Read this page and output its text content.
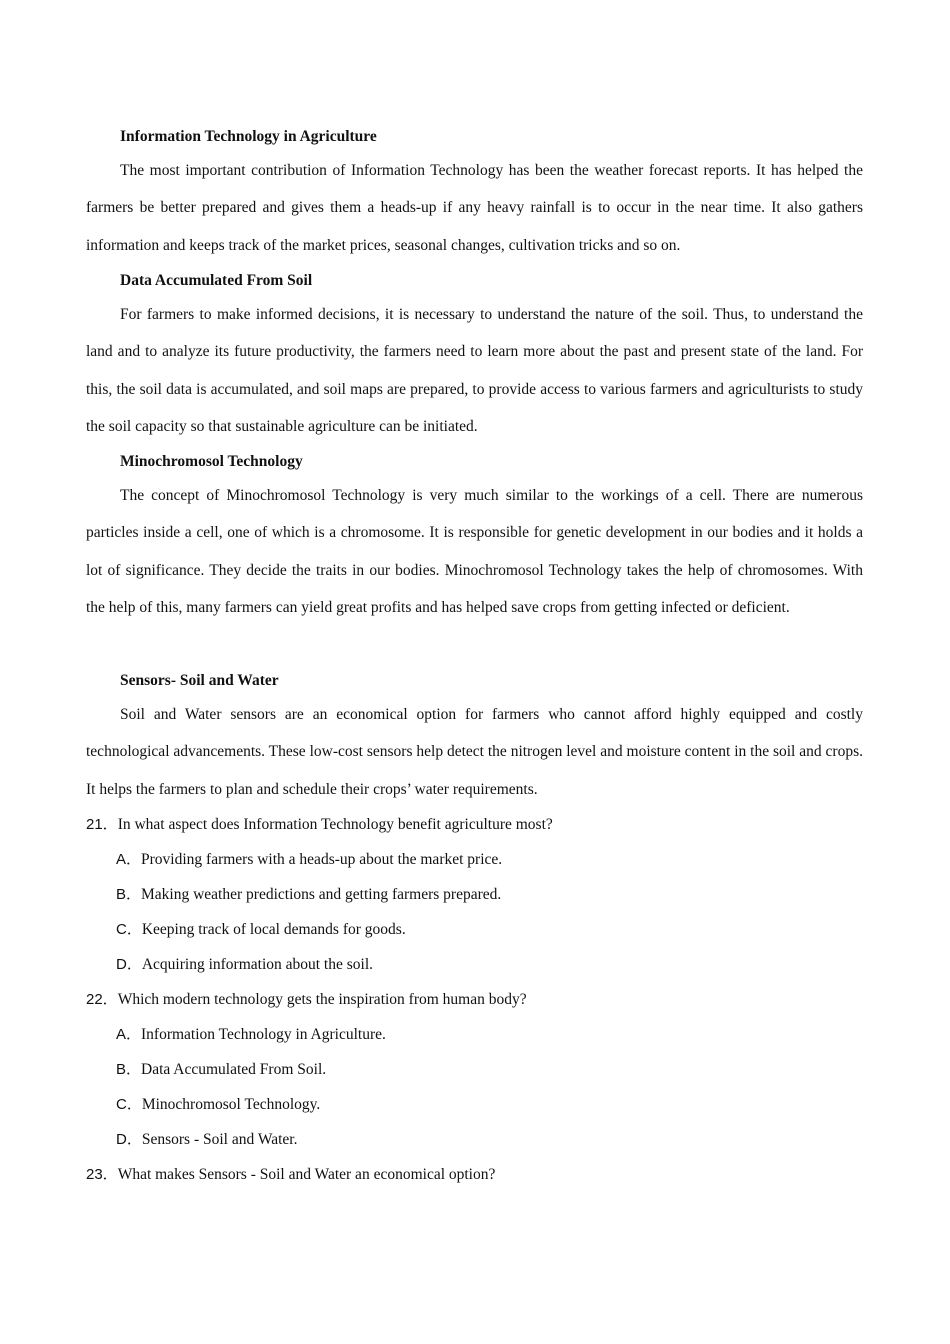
Information Technology in Agriculture
The most important contribution of Information Technology has been the weather forecast reports. It has helped the farmers be better prepared and gives them a heads-up if any heavy rainfall is to occur in the near time. It also gathers information and keeps track of the market prices, seasonal changes, cultivation tricks and so on.
Data Accumulated From Soil
For farmers to make informed decisions, it is necessary to understand the nature of the soil. Thus, to understand the land and to analyze its future productivity, the farmers need to learn more about the past and present state of the land. For this, the soil data is accumulated, and soil maps are prepared, to provide access to various farmers and agriculturists to study the soil capacity so that sustainable agriculture can be initiated.
Minochromosol Technology
The concept of Minochromosol Technology is very much similar to the workings of a cell. There are numerous particles inside a cell, one of which is a chromosome. It is responsible for genetic development in our bodies and it holds a lot of significance. They decide the traits in our bodies. Minochromosol Technology takes the help of chromosomes. With the help of this, many farmers can yield great profits and has helped save crops from getting infected or deficient.
Sensors- Soil and Water
Soil and Water sensors are an economical option for farmers who cannot afford highly equipped and costly technological advancements. These low-cost sensors help detect the nitrogen level and moisture content in the soil and crops. It helps the farmers to plan and schedule their crops’ water requirements.
21．In what aspect does Information Technology benefit agriculture most?
A．Providing farmers with a heads-up about the market price.
B．Making weather predictions and getting farmers prepared.
C．Keeping track of local demands for goods.
D．Acquiring information about the soil.
22．Which modern technology gets the inspiration from human body?
A．Information Technology in Agriculture.
B．Data Accumulated From Soil.
C．Minochromosol Technology.
D．Sensors - Soil and Water.
23．What makes Sensors - Soil and Water an economical option?
